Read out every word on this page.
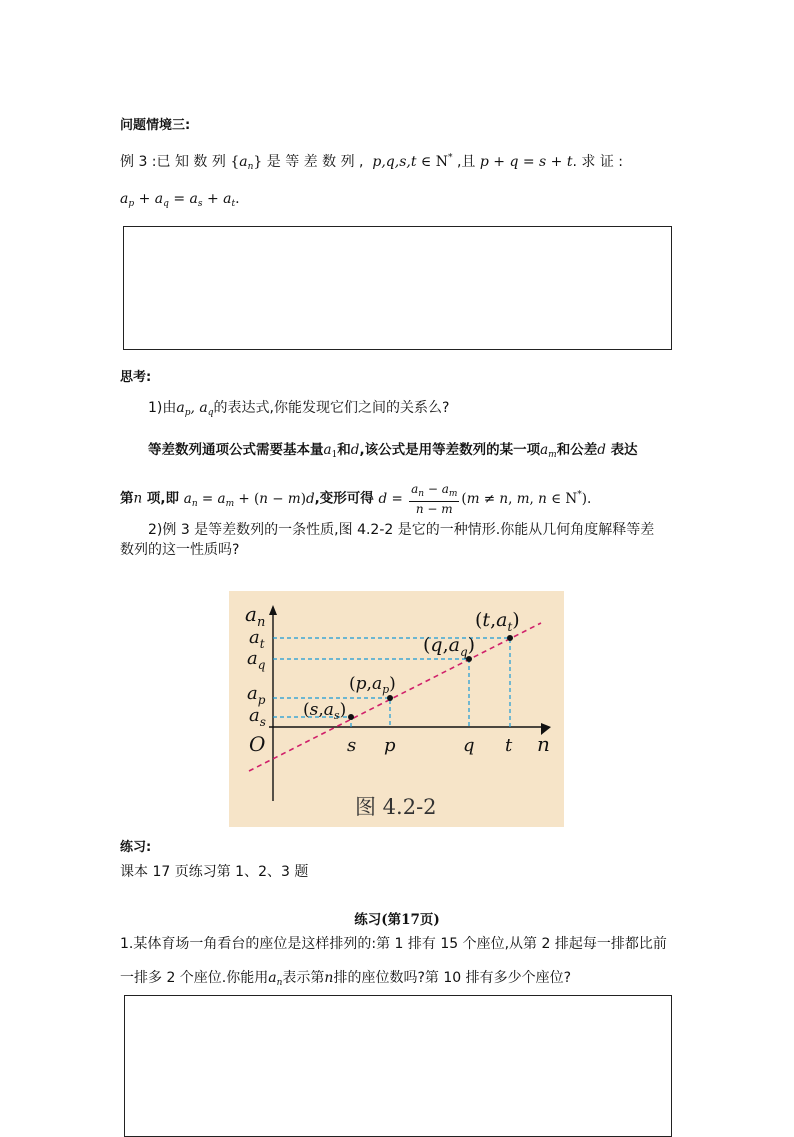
问题情境三:
例 3 :已 知 数 列 $\{a_n\}$ 是 等 差 数 列 , p,q,s,t ∈ N* ,且 p + q = s + t. 求 证 :
$a_p + a_q = a_s + a_t$.
思考:
1)由$a_p$, $a_q$的表达式,你能发现它们之间的关系么?
等差数列通项公式需要基本量$a_1$和d,该公式是用等差数列的某一项$a_m$和公差d 表达
第n 项,即 $a_n = a_m + (n - m)d$,变形可得 $d = \frac{a_n - a_m}{n - m} (m \ne n$, m, n ∈ N*).
2)例 3 是等差数列的一条性质,图 4.2-2 是它的一种情形.你能从几何角度解释等差
数列的这一性质吗?
$a_n$
$a_t$
$a_q$
$a_p$
$a_s$
O	s p	q t n
$(s,a_s)$
$(p,a_p)$
$(q,a_q)$
$(t,a_t)$
图 4.2-2
练习:
课本 17 页练习第 1、2、3 题
练习(第17页)
1.某体育场一角看台的座位是这样排列的:第 1 排有 15 个座位,从第 2 排起每一排都比前
一排多 2 个座位.你能用$a_n$表示第n排的座位数吗?第 10 排有多少个座位?
